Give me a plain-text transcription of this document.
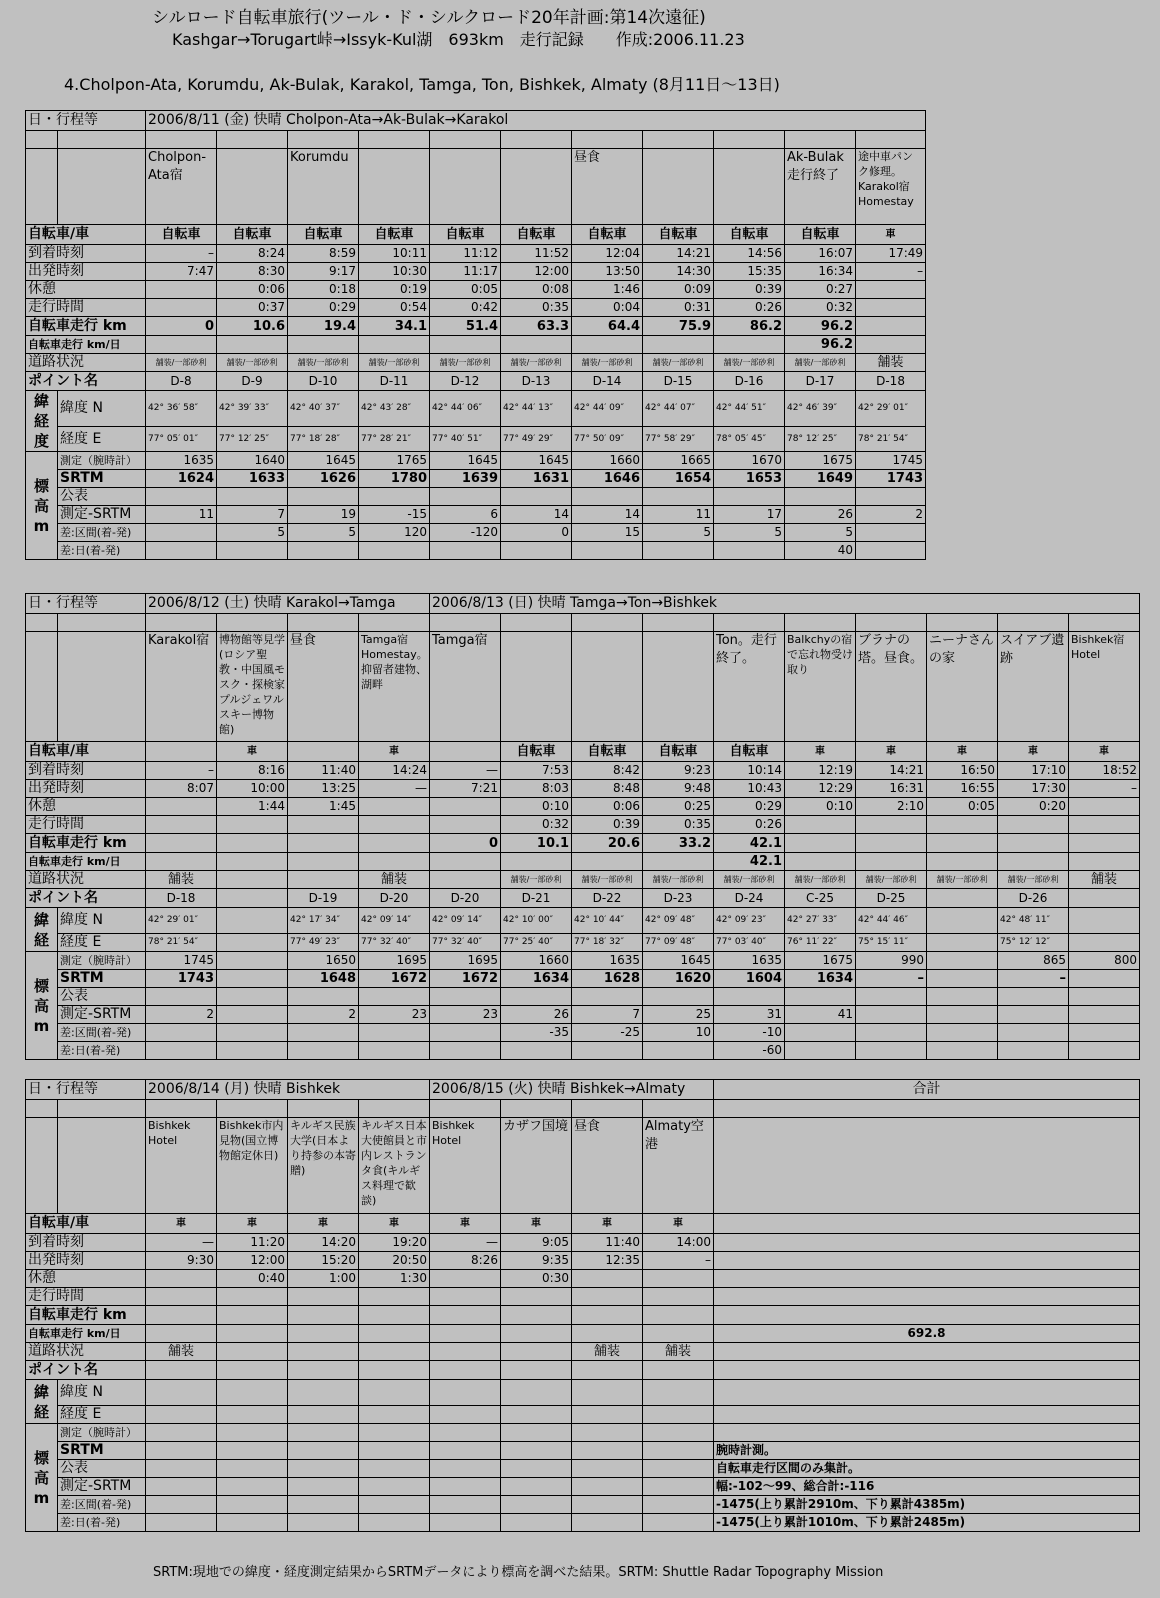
シルロード自転車旅行(ツール・ド・シルクロード20年計画:第14次遠征)
Kashgar→Torugart峠→Issyk-Kul湖　693km　走行記録　　作成:2006.11.23
4.Cholpon-Ata, Korumdu, Ak-Bulak, Karakol, Tamga, Ton, Bishkek, Almaty (8月11日～13日)
日・行程等		2006/8/11 (金) 快晴 Cholpon-Ata→Ak-Bulak→Karakol										

		Cholpon-Ata宿		Korumdu				昼食			Ak-Bulak走行終了	途中車パンク修理。Karakol宿Homestay
自転車/車		自転車	自転車	自転車	自転車	自転車	自転車	自転車	自転車	自転車	自転車	車
到着時刻		–	8:24	8:59	10:11	11:12	11:52	12:04	14:21	14:56	16:07	17:49
出発時刻		7:47	8:30	9:17	10:30	11:17	12:00	13:50	14:30	15:35	16:34	–
休憩			0:06	0:18	0:19	0:05	0:08	1:46	0:09	0:39	0:27	
走行時間			0:37	0:29	0:54	0:42	0:35	0:04	0:31	0:26	0:32	
自転車走行 km		0	10.6	19.4	34.1	51.4	63.3	64.4	75.9	86.2	96.2	
自転車走行 km/日											96.2	
道路状況		舗装/一部砂利	舗装/一部砂利	舗装/一部砂利	舗装/一部砂利	舗装/一部砂利	舗装/一部砂利	舗装/一部砂利	舗装/一部砂利	舗装/一部砂利	舗装/一部砂利	舗装
ポイント名		D-8	D-9	D-10	D-11	D-12	D-13	D-14	D-15	D-16	D-17	D-18
緯
経
度	緯度 N	42° 36′ 58″	42° 39′ 33″	42° 40′ 37″	42° 43′ 28″	42° 44′ 06″	42° 44′ 13″	42° 44′ 09″	42° 44′ 07″	42° 44′ 51″	42° 46′ 39″	42° 29′ 01″
	経度 E	77° 05′ 01″	77° 12′ 25″	77° 18′ 28″	77° 28′ 21″	77° 40′ 51″	77° 49′ 29″	77° 50′ 09″	77° 58′ 29″	78° 05′ 45″	78° 12′ 25″	78° 21′ 54″
標
高
m	測定（腕時計）	1635	1640	1645	1765	1645	1645	1660	1665	1670	1675	1745
	SRTM	1624	1633	1626	1780	1639	1631	1646	1654	1653	1649	1743
	公表											
	測定-SRTM	11	7	19	-15	6	14	14	11	17	26	2
	差:区間(着-発)		5	5	120	-120	0	15	5	5	5	
	差:日(着-発)										40	
日・行程等		2006/8/12 (土) 快晴 Karakol→Tamga				2006/8/13 (日) 快晴 Tamga→Ton→Bishkek									

		Karakol宿	博物館等見学(ロシア聖教・中国風モスク・探検家プルジェワルスキー博物館)	昼食	Tamga宿Homestay。抑留者建物、湖畔	Tamga宿				Ton。走行終了。	Balkchyの宿で忘れ物受け取り	ブラナの塔。昼食。	ニーナさんの家	スイアブ遺跡	Bishkek宿Hotel
自転車/車			車		車		自転車	自転車	自転車	自転車	車	車	車	車	車
到着時刻		–	8:16	11:40	14:24	—	7:53	8:42	9:23	10:14	12:19	14:21	16:50	17:10	18:52
出発時刻		8:07	10:00	13:25	—	7:21	8:03	8:48	9:48	10:43	12:29	16:31	16:55	17:30	–
休憩			1:44	1:45			0:10	0:06	0:25	0:29	0:10	2:10	0:05	0:20	
走行時間							0:32	0:39	0:35	0:26					
自転車走行 km						0	10.1	20.6	33.2	42.1					
自転車走行 km/日										42.1					
道路状況		舗装			舗装		舗装/一部砂利	舗装/一部砂利	舗装/一部砂利	舗装/一部砂利	舗装/一部砂利	舗装/一部砂利	舗装/一部砂利	舗装/一部砂利	舗装
ポイント名		D-18		D-19	D-20	D-20	D-21	D-22	D-23	D-24	C-25	D-25		D-26	
緯
経	緯度 N	42° 29′ 01″		42° 17′ 34″	42° 09′ 14″	42° 09′ 14″	42° 10′ 00″	42° 10′ 44″	42° 09′ 48″	42° 09′ 23″	42° 27′ 33″	42° 44′ 46″		42° 48′ 11″	
	経度 E	78° 21′ 54″		77° 49′ 23″	77° 32′ 40″	77° 32′ 40″	77° 25′ 40″	77° 18′ 32″	77° 09′ 48″	77° 03′ 40″	76° 11′ 22″	75° 15′ 11″		75° 12′ 12″	
標
高
m	測定（腕時計）	1745		1650	1695	1695	1660	1635	1645	1635	1675	990		865	800
	SRTM	1743		1648	1672	1672	1634	1628	1620	1604	1634	–		–	
	公表														
	測定-SRTM	2		2	23	23	26	7	25	31	41				
	差:区間(着-発)						-35	-25	10	-10					
	差:日(着-発)									-60					
日・行程等		2006/8/14 (月) 快晴 Bishkek				2006/8/15 (火) 快晴 Bishkek→Almaty				合計

		Bishkek Hotel	Bishkek市内見物(国立博物館定休日)	キルギス民族大学(日本より持参の本寄贈)	キルギス日本大使館員と市内レストランタ食(キルギス料理で歓談)	Bishkek Hotel	カザフ国境	昼食	Almaty空港	
自転車/車		車	車	車	車	車	車	車	車	
到着時刻		—	11:20	14:20	19:20	—	9:05	11:40	14:00	
出発時刻		9:30	12:00	15:20	20:50	8:26	9:35	12:35	–	
休憩			0:40	1:00	1:30		0:30			
走行時間										
自転車走行 km										
自転車走行 km/日										692.8
道路状況		舗装						舗装	舗装	
ポイント名										
緯
経	緯度 N									
	経度 E									
標
高
m	測定（腕時計）									
	SRTM									腕時計測。
	公表									自転車走行区間のみ集計。
	測定-SRTM									幅:-102～99、総合計:-116
	差:区間(着-発)									-1475(上り累計2910m、下り累計4385m)
	差:日(着-発)									-1475(上り累計1010m、下り累計2485m)
SRTM:現地での緯度・経度測定結果からSRTMデータにより標高を調べた結果。SRTM: Shuttle Radar Topography Mission
